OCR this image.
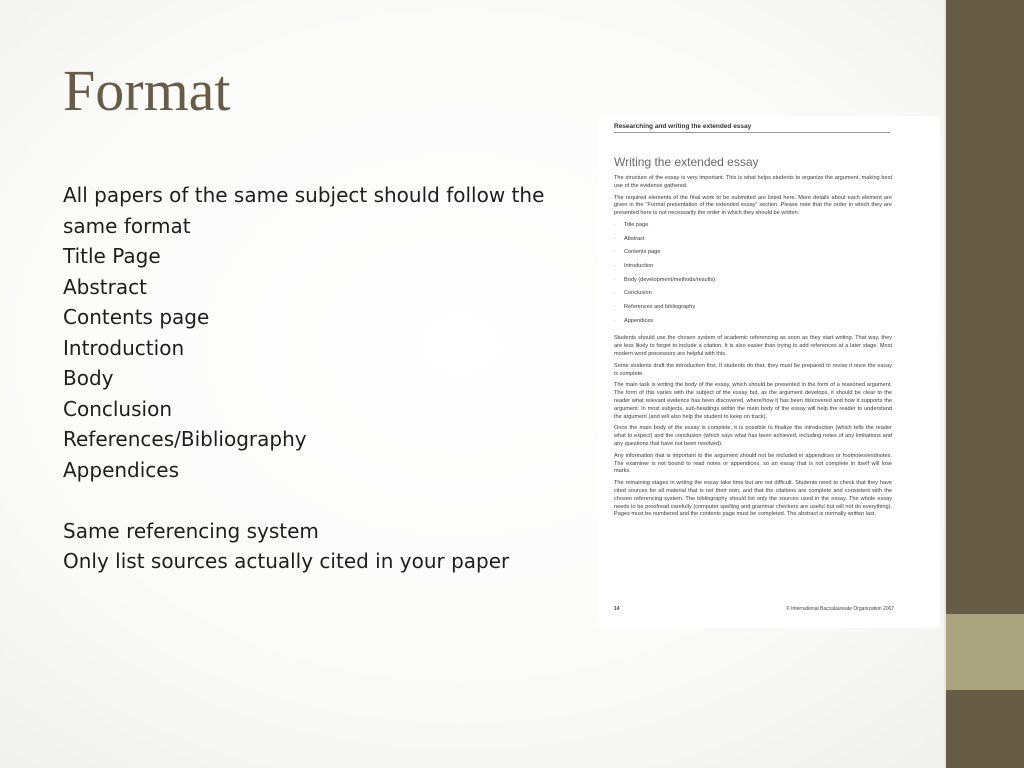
Format
All papers of the same subject should follow the
same format
Title Page
Abstract
Contents page
Introduction
Body
Conclusion
References/Bibliography
Appendices
Same referencing system
Only list sources actually cited in your paper
Researching and writing the extended essay
Writing the extended essay

The structure of the essay is very important. This is what helps students to organize the argument, making best use of the evidence gathered.

The required elements of the final work to be submitted are listed here. More details about each element are given in the “Formal presentation of the extended essay” section. Please note that the order in which they are presented here is not necessarily the order in which they should be written.

· Title page
· Abstract
· Contents page
· Introduction
· Body (development/methods/results)
· Conclusion
· References and bibliography
· Appendices

Students should use the chosen system of academic referencing as soon as they start writing. That way, they are less likely to forget to include a citation. It is also easier than trying to add references at a later stage. Most modern word processors are helpful with this.

Some students draft the introduction first. If students do that, they must be prepared to revise it once the essay is complete.

The main task is writing the body of the essay, which should be presented in the form of a reasoned argument. The form of this varies with the subject of the essay but, as the argument develops, it should be clear to the reader what relevant evidence has been discovered, where/how it has been discovered and how it supports the argument. In most subjects, sub-headings within the main body of the essay will help the reader to understand the argument (and will also help the student to keep on track).

Once the main body of the essay is complete, it is possible to finalize the introduction (which tells the reader what to expect) and the conclusion (which says what has been achieved, including notes of any limitations and any questions that have not been resolved).

Any information that is important to the argument should not be included in appendices or footnotes/endnotes. The examiner is not bound to read notes or appendices, so an essay that is not complete in itself will lose marks.

The remaining stages in writing the essay take time but are not difficult. Students need to check that they have cited sources for all material that is not their own, and that the citations are complete and consistent with the chosen referencing system. The bibliography should list only the sources used in the essay. The whole essay needs to be proofread carefully (computer spelling and grammar checkers are useful but will not do everything). Pages must be numbered and the contents page must be completed. The abstract is normally written last.

14	© International Baccalaureate Organization 2007
